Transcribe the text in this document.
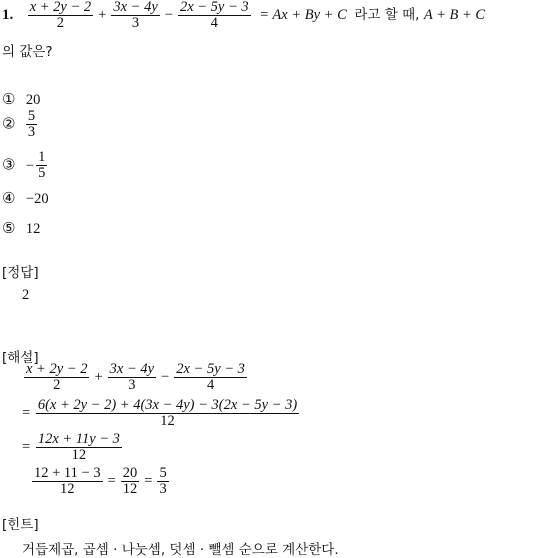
1. $\frac{x + 2y - 2}{2} + \frac{3x - 4y}{3} - \frac{2x - 5y - 3}{4} = Ax + By + C$ 라고 할 때, A + B + C
의 값은?
① 20
② $\frac{5}{3}$
③ − $\frac{1}{5}$
④ −20
⑤ 12
[정답]
2
[해설]
$\frac{x + 2y - 2}{2} + \frac{3x - 4y}{3} - \frac{2x - 5y - 3}{4}$
= $\frac{6(x + 2y - 2) + 4(3x - 4y) - 3(2x - 5y - 3)}{12}$
= $\frac{12x + 11y - 3}{12}$
$\frac{12 + 11 - 3}{12} = \frac{20}{12} = \frac{5}{3}$
[힌트]
거듭제곱, 곱셈 · 나눗셈, 덧셈 · 뺄셈 순으로 계산한다.
